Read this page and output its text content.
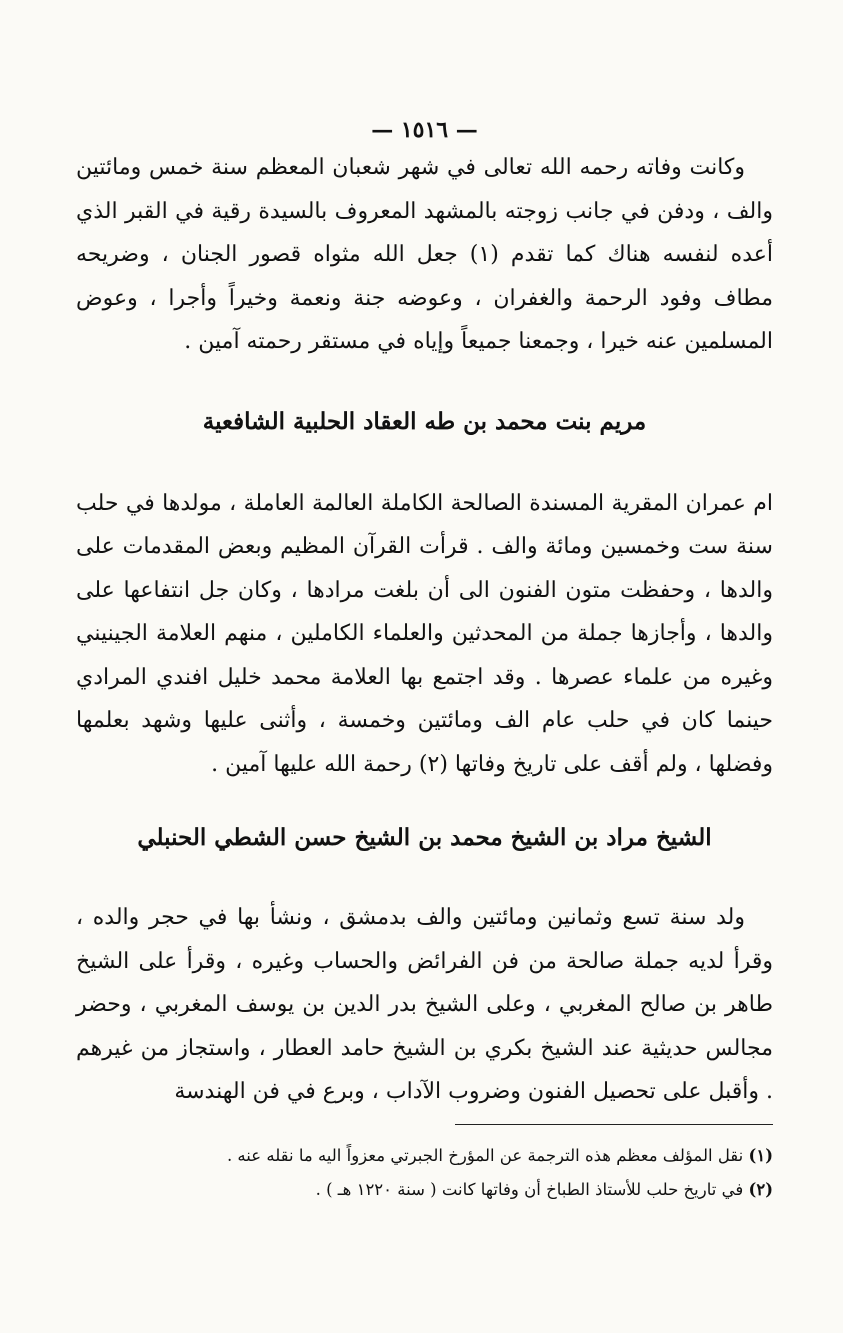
— ١٥١٦ —

وكانت وفاته رحمه الله تعالى في شهر شعبان المعظم سنة خمس ومائتين والف ، ودفن في جانب زوجته بالمشهد المعروف بالسيدة رقية في القبر الذي أعده لنفسه هناك كما تقدم (١) جعل الله مثواه قصور الجنان ، وضريحه مطاف وفود الرحمة والغفران ، وعوضه جنة ونعمة وخيراً وأجرا ، وعوض المسلمين عنه خيرا ، وجمعنا جميعاً وإياه في مستقر رحمته آمين .

مريم بنت محمد بن طه العقاد الحلبية الشافعية

ام عمران المقرية المسندة الصالحة الكاملة العالمة العاملة ، مولدها في حلب سنة ست وخمسين ومائة والف . قرأت القرآن المظيم وبعض المقدمات على والدها ، وحفظت متون الفنون الى أن بلغت مرادها ، وكان جل انتفاعها على والدها ، وأجازها جملة من المحدثين والعلماء الكاملين ، منهم العلامة الجينيني وغيره من علماء عصرها . وقد اجتمع بها العلامة محمد خليل افندي المرادي حينما كان في حلب عام الف ومائتين وخمسة ، وأثنى عليها وشهد بعلمها وفضلها ، ولم أقف على تاريخ وفاتها (٢) رحمة الله عليها آمين .

الشيخ مراد بن الشيخ محمد بن الشيخ حسن الشطي الحنبلي

ولد سنة تسع وثمانين ومائتين والف بدمشق ، ونشأ بها في حجر والده ، وقرأ لديه جملة صالحة من فن الفرائض والحساب وغيره ، وقرأ على الشيخ طاهر بن صالح المغربي ، وعلى الشيخ بدر الدين بن يوسف المغربي ، وحضر مجالس حديثية عند الشيخ بكري بن الشيخ حامد العطار ، واستجاز من غيرهم . وأقبل على تحصيل الفنون وضروب الآداب ، وبرع في فن الهندسة

(١) نقل المؤلف معظم هذه الترجمة عن المؤرخ الجبرتي معزواً اليه ما نقله عنه .

(٢) في تاريخ حلب للأستاذ الطباخ أن وفاتها كانت ( سنة ١٢٢٠ هـ ) .
